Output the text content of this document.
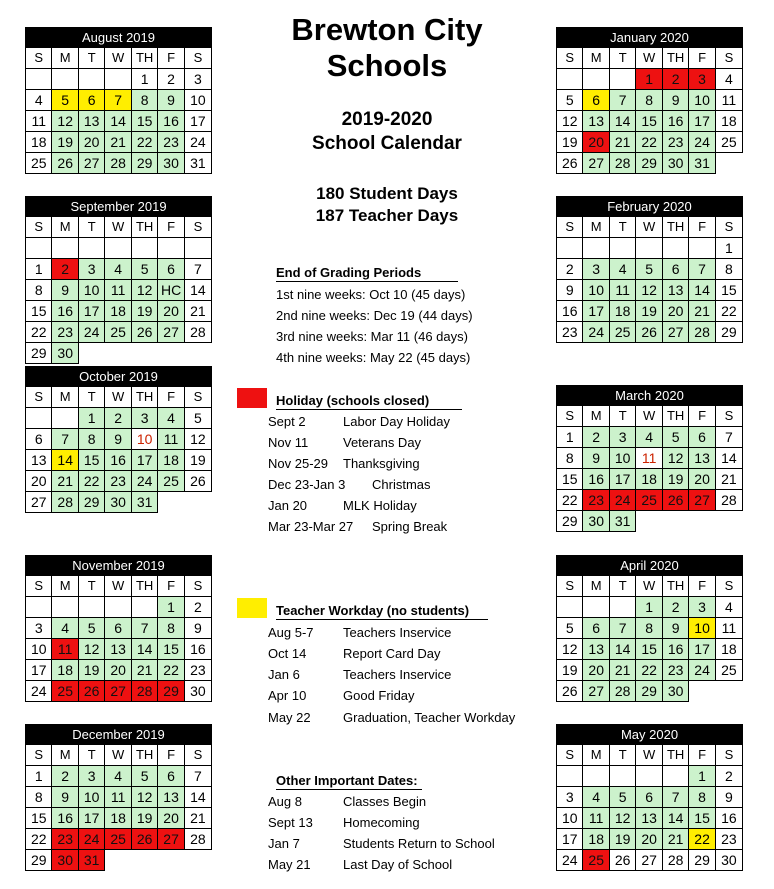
Brewton City
Schools
2019-2020
School Calendar
180 Student Days
187 Teacher Days
End of Grading Periods
1st nine weeks: Oct 10 (45 days)
2nd nine weeks: Dec 19 (44 days)
3rd nine weeks: Mar 11 (46 days)
4th nine weeks: May 22 (45 days)
Holiday (schools closed)
Sept 2	Labor Day Holiday
Nov 11	Veterans Day
Nov 25-29 Thanksgiving
Dec 23-Jan 3 Christmas
Jan 20	MLK Holiday
Mar 23-Mar 27 Spring Break
Teacher Workday (no students)
Aug 5-7 Teachers Inservice
Oct 14	Report Card Day
Jan 6	Teachers Inservice
Apr 10	Good Friday
May 22 Graduation, Teacher Workday
Other Important Dates:
Aug 8	Classes Begin
Sept 13 Homecoming
Jan 7	Students Return to School
May 21 Last Day of School
August 2019						
S	M	T	W	TH	F	S
				1	2	3
4	5	6	7	8	9	10
11	12	13	14	15	16	17
18	19	20	21	22	23	24
25	26	27	28	29	30	31
September 2019						
S	M	T	W	TH	F	S

1	2	3	4	5	6	7
8	9	10	11	12	HC	14
15	16	17	18	19	20	21
22	23	24	25	26	27	28
29	30					
October 2019						
S	M	T	W	TH	F	S
		1	2	3	4	5
6	7	8	9	10	11	12
13	14	15	16	17	18	19
20	21	22	23	24	25	26
27	28	29	30	31		
November 2019						
S	M	T	W	TH	F	S
					1	2
3	4	5	6	7	8	9
10	11	12	13	14	15	16
17	18	19	20	21	22	23
24	25	26	27	28	29	30
December 2019						
S	M	T	W	TH	F	S
1	2	3	4	5	6	7
8	9	10	11	12	13	14
15	16	17	18	19	20	21
22	23	24	25	26	27	28
29	30	31				
January 2020						
S	M	T	W	TH	F	S
			1	2	3	4
5	6	7	8	9	10	11
12	13	14	15	16	17	18
19	20	21	22	23	24	25
26	27	28	29	30	31	
February 2020						
S	M	T	W	TH	F	S
						1
2	3	4	5	6	7	8
9	10	11	12	13	14	15
16	17	18	19	20	21	22
23	24	25	26	27	28	29
March 2020						
S	M	T	W	TH	F	S
1	2	3	4	5	6	7
8	9	10	11	12	13	14
15	16	17	18	19	20	21
22	23	24	25	26	27	28
29	30	31				
April 2020						
S	M	T	W	TH	F	S
			1	2	3	4
5	6	7	8	9	10	11
12	13	14	15	16	17	18
19	20	21	22	23	24	25
26	27	28	29	30		
May 2020						
S	M	T	W	TH	F	S
					1	2
3	4	5	6	7	8	9
10	11	12	13	14	15	16
17	18	19	20	21	22	23
24	25	26	27	28	29	30
